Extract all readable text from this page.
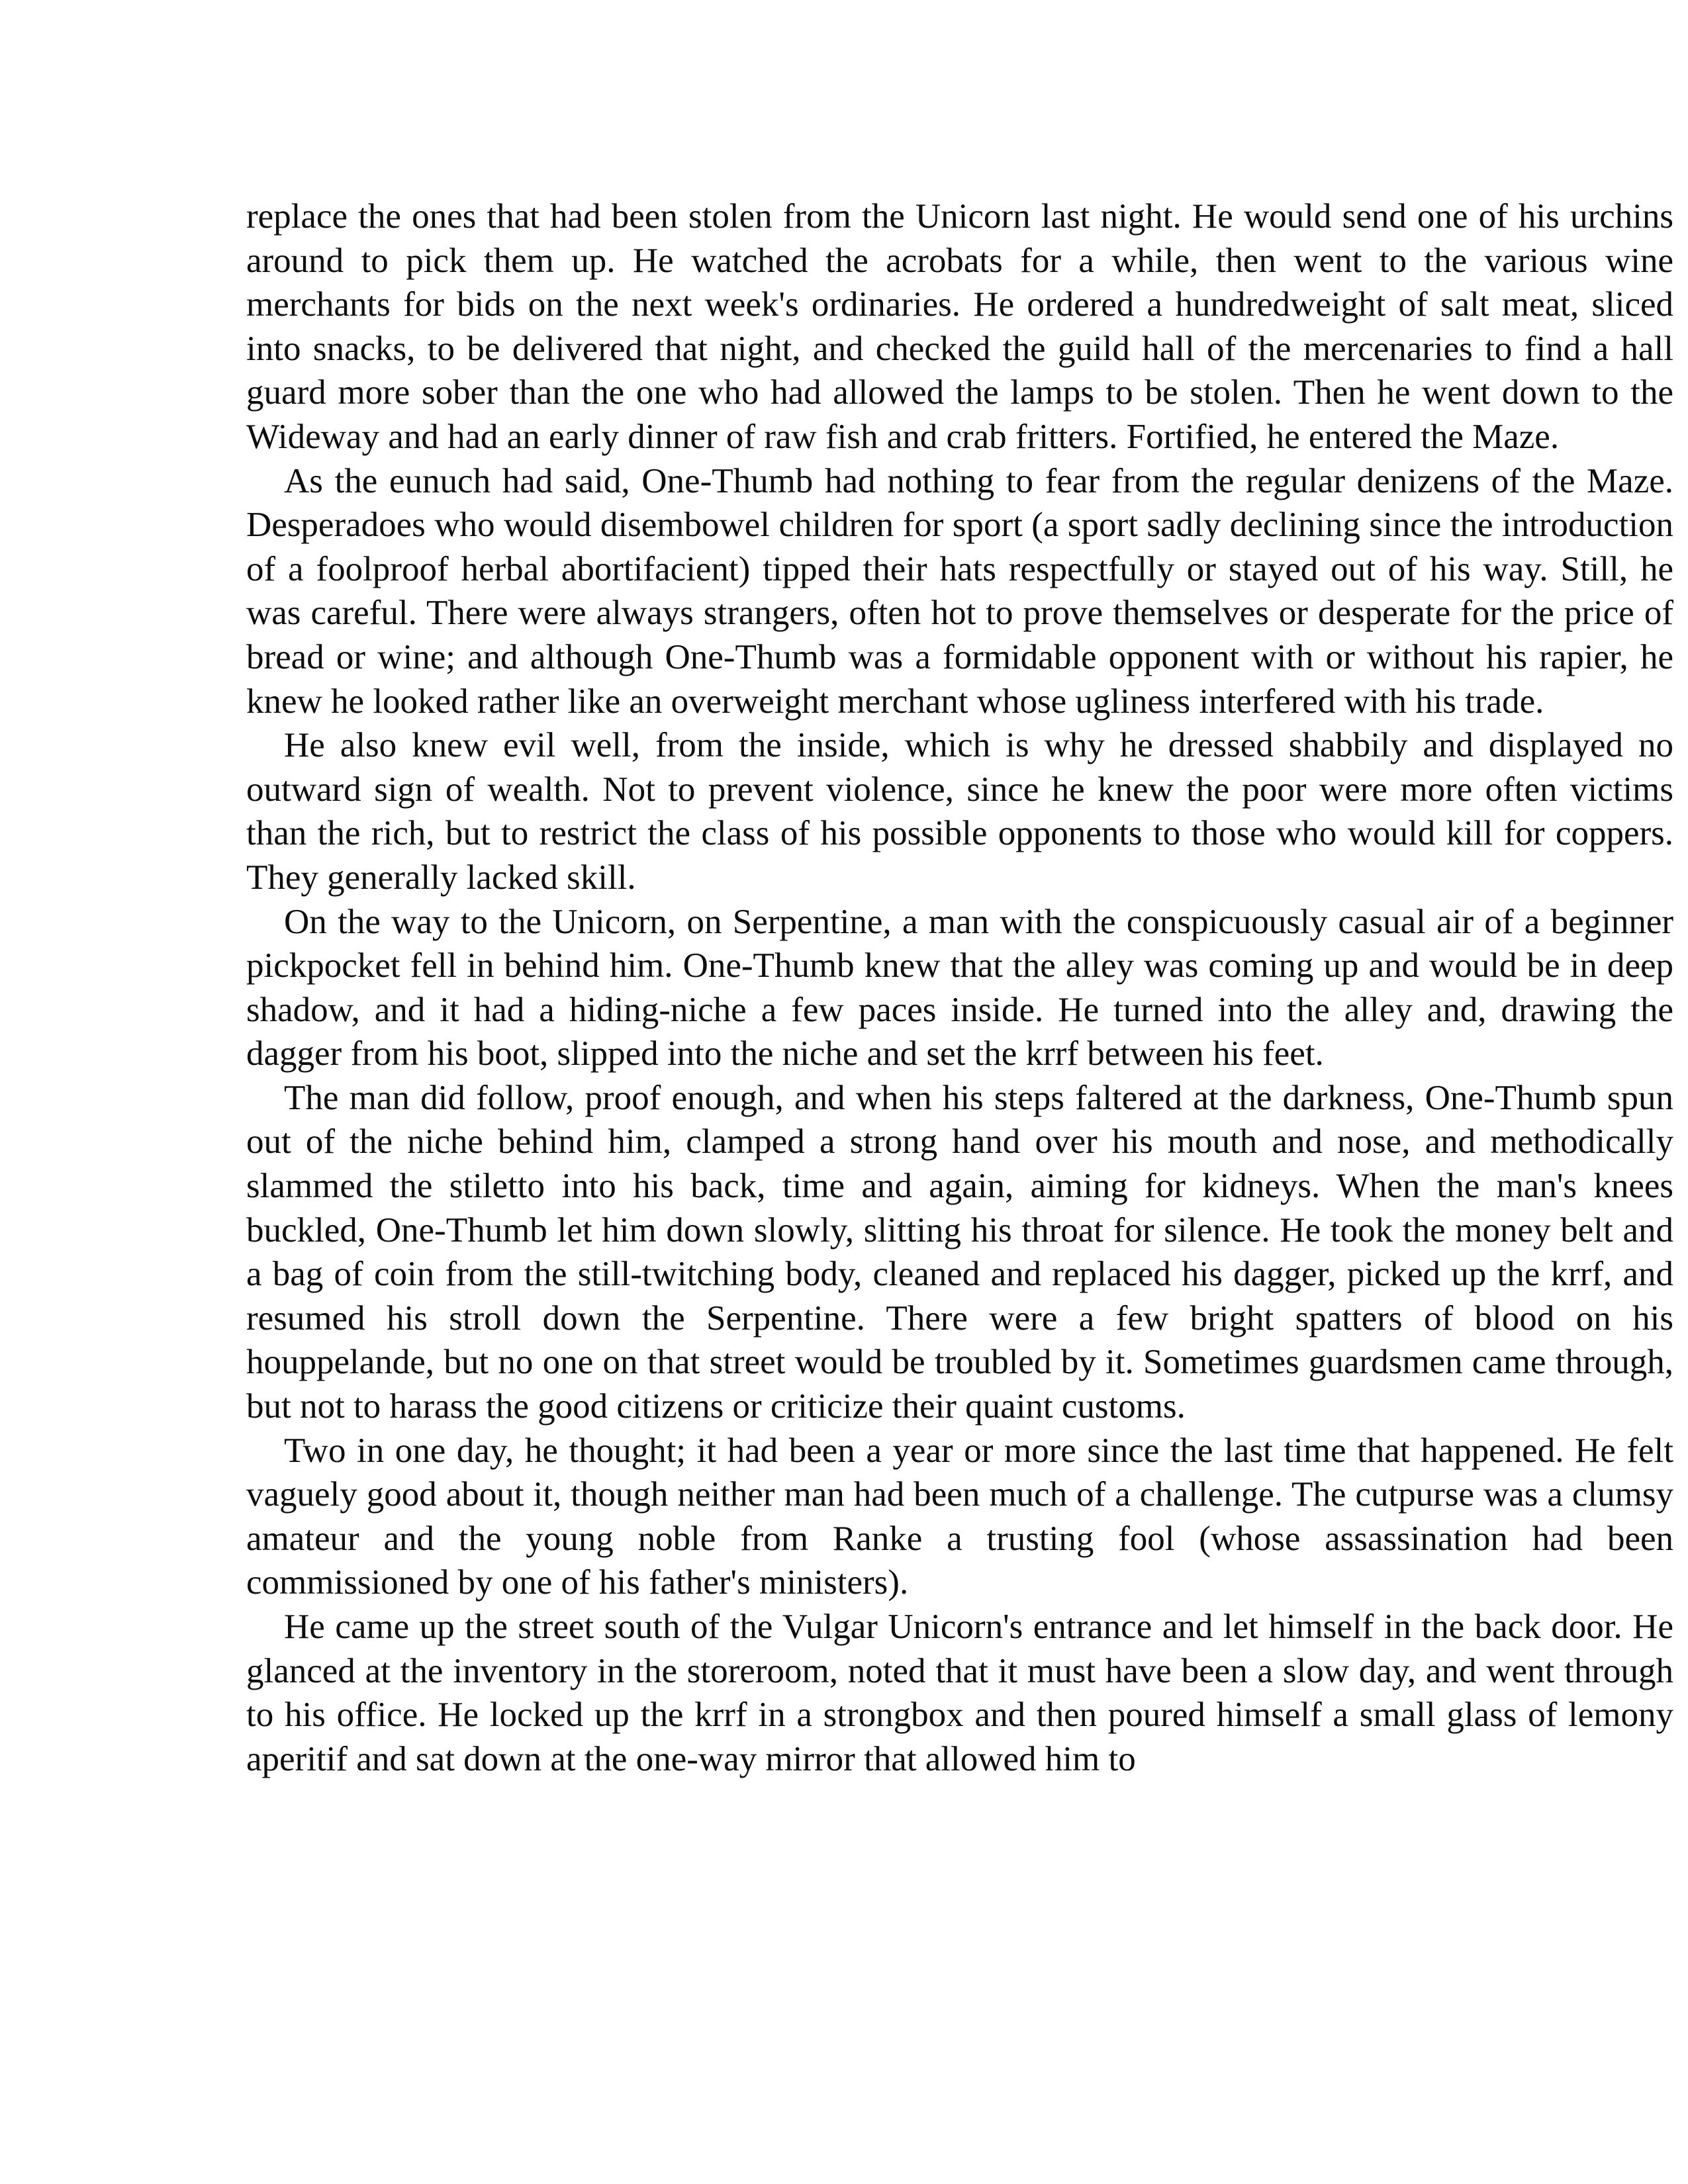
replace the ones that had been stolen from the Unicorn last night. He would send one of his urchins around to pick them up. He watched the acrobats for a while, then went to the various wine merchants for bids on the next week's ordinaries. He ordered a hundredweight of salt meat, sliced into snacks, to be delivered that night, and checked the guild hall of the mercenaries to find a hall guard more sober than the one who had allowed the lamps to be stolen. Then he went down to the Wideway and had an early dinner of raw fish and crab fritters. Fortified, he entered the Maze.

As the eunuch had said, One-Thumb had nothing to fear from the regular denizens of the Maze. Desperadoes who would disembowel children for sport (a sport sadly declining since the introduction of a foolproof herbal abortifacient) tipped their hats respectfully or stayed out of his way. Still, he was careful. There were always strangers, often hot to prove themselves or desperate for the price of bread or wine; and although One-Thumb was a formidable opponent with or without his rapier, he knew he looked rather like an overweight merchant whose ugliness interfered with his trade.

He also knew evil well, from the inside, which is why he dressed shabbily and displayed no outward sign of wealth. Not to prevent violence, since he knew the poor were more often victims than the rich, but to restrict the class of his possible opponents to those who would kill for coppers. They generally lacked skill.

On the way to the Unicorn, on Serpentine, a man with the conspicuously casual air of a beginner pickpocket fell in behind him. One-Thumb knew that the alley was coming up and would be in deep shadow, and it had a hiding-niche a few paces inside. He turned into the alley and, drawing the dagger from his boot, slipped into the niche and set the krrf between his feet.

The man did follow, proof enough, and when his steps faltered at the darkness, One-Thumb spun out of the niche behind him, clamped a strong hand over his mouth and nose, and methodically slammed the stiletto into his back, time and again, aiming for kidneys. When the man's knees buckled, One-Thumb let him down slowly, slitting his throat for silence. He took the money belt and a bag of coin from the still-twitching body, cleaned and replaced his dagger, picked up the krrf, and resumed his stroll down the Serpentine. There were a few bright spatters of blood on his houppelande, but no one on that street would be troubled by it. Sometimes guardsmen came through, but not to harass the good citizens or criticize their quaint customs.

Two in one day, he thought; it had been a year or more since the last time that happened. He felt vaguely good about it, though neither man had been much of a challenge. The cutpurse was a clumsy amateur and the young noble from Ranke a trusting fool (whose assassination had been commissioned by one of his father's ministers).

He came up the street south of the Vulgar Unicorn's entrance and let himself in the back door. He glanced at the inventory in the storeroom, noted that it must have been a slow day, and went through to his office. He locked up the krrf in a strongbox and then poured himself a small glass of lemony aperitif and sat down at the one-way mirror that allowed him to
